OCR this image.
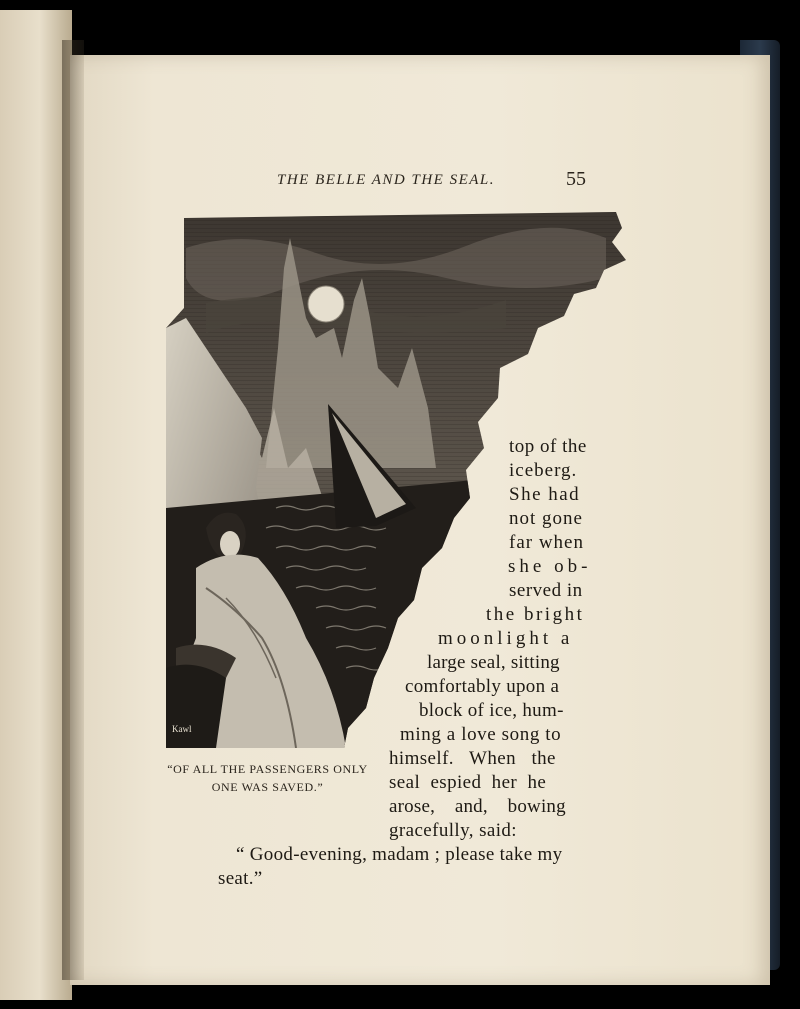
THE BELLE AND THE SEAL.	55
Kawl
“OF ALL THE PASSENGERS ONLY
ONE WAS SAVED.”
top of the
iceberg.
She had
not gone
far when
she ob-
served in
the bright
moonlight a
large seal, sitting
comfortably upon a
block of ice, hum-
ming a love song to
himself.   When   the
seal  espied  her  he
arose,    and,    bowing
gracefully, said:
“ Good-evening, madam ; please take my
seat.”
